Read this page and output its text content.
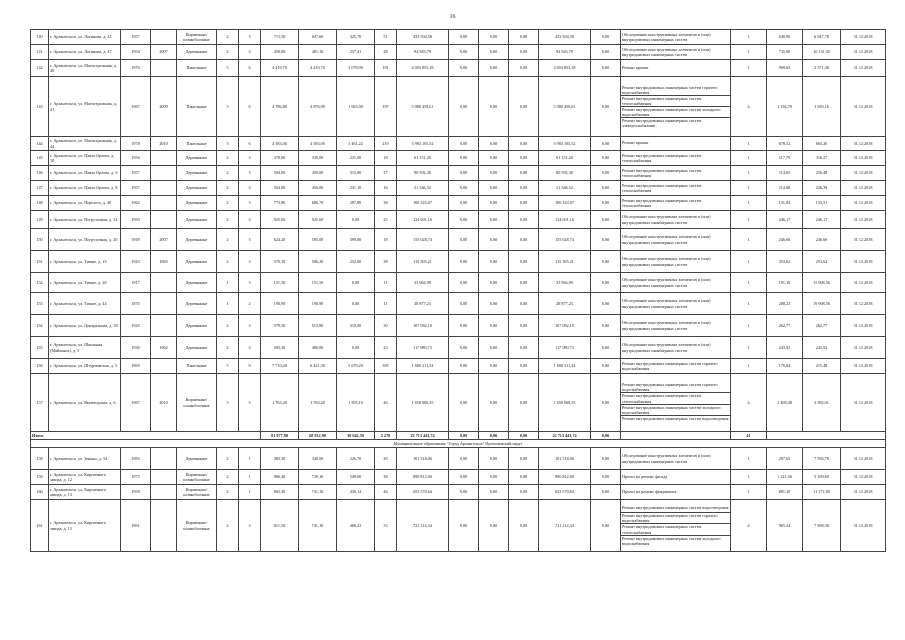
16
140	г. Архангельск, ул. Логинова, д. 41	1957		Кирпичные/шлакоблочные	2	3	713,50	647,60	425,70	51	433 504,58	0,00	0,00	0,00	433 504,58	0,00	Обследование конструктивных элементов и (или) внутридомовых инженерных систем	1	640,90	6 647,78	31.12.2018
141	г. Архангельск, ул. Логинова, д. 47	1954	2007	Деревянные	2	3	458,80	401,10	237,41	28	94 943,79	0,00	0,00	0,00	94 943,79	0,00	Обследование конструктивных элементов и (или) внутридомовых инженерных систем	1	735,90	10 131,35	31.12.2018
142	г. Архангельск, ул. Магистральная, д. 40	1976		Панельные	5	6	4 419,70	4 419,70	3 078,00	191	4 003 853,18	0,00	0,00	0,00	4 003 853,18	0,00	Ремонт крыши	1	969,63	2 371,48	31.12.2018
143	г. Архангельск, ул. Магистральная, д. 41	1967	2009	Панельные	5	6	4 786,80	4 876,90	1 665,00	197	5 080 459,61	0,00	0,00	0,00	5 080 459,61	0,00	Ремонт внутридомовых инженерных систем горячего водоснабжения
Ремонт внутридомовых инженерных систем теплоснабжения
Ремонт внутридомовых инженерных систем холодного водоснабжения
Ремонт внутридомовых инженерных систем электроснабжения	4	1 194,79	1 650,16	31.12.2018
144	г. Архангельск, ул. Магистральная, д. 44	1978	2010	Панельные	5	6	4 583,00	4 583,00	3 461,22	219	3 983 105,52	0,00	0,00	0,00	3 983 105,52	0,00	Ремонт крыши	1	878,52	665,26	31.12.2018
145	г. Архангельск, ул. Павла Орлова, д. 10	1956		Деревянные	2	3	370,00	330,00	231,00	18	61 151,20	0,00	0,00	0,00	61 151,20	0,00	Ремонт внутридомовых инженерных систем теплоснабжения	1	117,79	316,27	31.12.2018
146	г. Архангельск, ул. Павла Орлова, д. 6	1957		Деревянные	2	3	504,00	450,00	315,00	27	80 592,30	0,00	0,00	0,00	80 592,30	0,00	Ремонт внутридомовых инженерных систем теплоснабжения	1	114,65	256,48	31.12.2018
147	г. Архангельск, ул. Павла Орлова, д. 8	1957		Деревянные	2	3	504,00	450,00	231,10	16	51 346,52	0,00	0,00	0,00	51 346,52	0,00	Ремонт внутридомовых инженерных систем теплоснабжения	1	114,88	226,39	31.12.2018
148	г. Архангельск, ул. Перелета, д. 40	1962		Деревянные	2	3	773,80	686,70	287,80	38	106 343,07	0,00	0,00	0,00	106 343,07	0,00	Ремонт внутридомовых инженерных систем теплоснабжения	1	131,84	133,51	31.12.2018
149	г. Архангельск, ул. Погрузочная, д. 14	1950		Деревянные	2	3	925,60	925,60	0,00	25	124 601,16	0,00	0,00	0,00	124 601,16	0,00	Обследование конструктивных элементов и (или) внутридомовых инженерных систем	1	246,17	246,17	31.12.2018
150	г. Архангельск, ул. Погрузочная, д. 20	1949	2007	Деревянные	2	3	624,20	585,00	399,00	18	155 028,74	0,00	0,00	0,00	155 028,74	0,00	Обследование конструктивных элементов и (или) внутридомовых инженерных систем	1	246,60	246,60	31.12.2018
151	г. Архангельск, ул. Тимме, д. 15	1943	1965	Деревянные	2	3	570,10	506,20	252,00	38	115 305,21	0,00	0,00	0,00	115 305,21	0,00	Обследование конструктивных элементов и (или) внутридомовых инженерных систем	1	253,62	253,62	31.12.2018
152	г. Архангельск, ул. Тимме, д. 26	1917		Деревянные	1	3	151,50	151,50	0,00	11	33 964,99	0,00	0,00	0,00	33 964,99	0,00	Обследование конструктивных элементов и (или) внутридомовых инженерных систем	1	191,10	15 908,56	31.12.2018
153	г. Архангельск, ул. Тимме, д. 44	1870		Деревянные	1	2	190,90	190,90	0,00	11	28 877,23	0,00	0,00	0,00	28 877,23	0,00	Обследование конструктивных элементов и (или) внутридомовых инженерных систем	1	208,23	19 908,56	31.12.2018
154	г. Архангельск, ул. Центральная, д. 30	1945		Деревянные	2	3	579,50	513,80	310,00	30	107 082,10	0,00	0,00	0,00	107 082,10	0,00	Обследование конструктивных элементов и (или) внутридомовых инженерных систем	1	262,77	262,77	31.12.2018
155	г. Архангельск, ул. Школьная (Маймакса), д. 5	1936	1962	Деревянные	2	3	583,30	480,00	0,00	23	117 080,73	0,00	0,00	0,00	117 080,73	0,00	Обследование конструктивных элементов и (или) внутридомовых инженерных систем	1	243,92	243,92	31.12.2018
156	г. Архангельск, ул. Штурманская, д. 5	1969		Панельные	5	9	7 710,20	6 421,30	5 670,20	395	1 600 311,34	0,00	0,00	0,00	1 600 311,34	0,00	Ремонт внутридомовых инженерных систем горячего водоснабжения	1	170,84	215,48	31.12.2018
157	г. Архангельск, ул. Вычегодская, д. 6	1967	2010	Кирпичные/шлакоблочные	5	5	1 763,20	1 763,20	1 595,10	46	1 658 060,35	0,00	0,00	0,00	1 658 060,35	0,00	Ремонт внутридомовых инженерных систем горячего водоснабжения
Ремонт внутридомовых инженерных систем теплоснабжения
Ремонт внутридомовых инженерных систем холодного водоснабжения
Ремонт внутридомовых инженерных систем водоотведения	4	1 409,48	3 582,01	31.12.2018
Итого							81 977,80	68 812,90	38 642,59	2 278	22 713 443,74	0,00	0,00	0,00	22 713 443,74	0,00		41			
Муниципальное образование "Город Архангельск" Цигломенский округ																					
158	г. Архангельск, ул. Зеньки, д. 34	1983		Деревянные	2	1	383,30	340,00	226,70	20	101 518,06	0,00	0,00	0,00	101 518,06	0,00	Обследование конструктивных элементов и (или) внутридомовых инженерных систем	1	297,65	7 594,78	31.12.2018
159	г. Архангельск, ул. Кирпичного завода, д. 12	1975		Кирпичные/шлакоблочные	2	1	906,40	729,16	549,60	38	890 812,00	0,00	0,00	0,00	890 812,00	0,00	Проект на ремонт фасада	1	1 221,36	5 169,60	31.12.2018
160	г. Архангельск, ул. Кирпичного завода, д. 13	1958		Кирпичные/шлакоблочные	2	1	803,40	741,10	439,14	46	653 570,64	0,00	0,00	0,00	653 570,64	0,00	Проект на ремонт фундамента	1	881,30	11 171,80	31.12.2018
161	г. Архангельск, ул. Кирпичного завода, д. 15	1961		Кирпичные/шлакоблочные	2	3	811,50	741,10	480,22	33	721 114,34	0,00	0,00	0,00	721 114,34	0,00	Ремонт внутридомовых инженерных систем водоотведения
Ремонт внутридомовых инженерных систем горячего водоснабжения
Ремонт внутридомовых инженерных систем теплоснабжения
Ремонт внутридомовых инженерных систем холодного водоснабжения	4	965,24	7 698,38	31.12.2018
